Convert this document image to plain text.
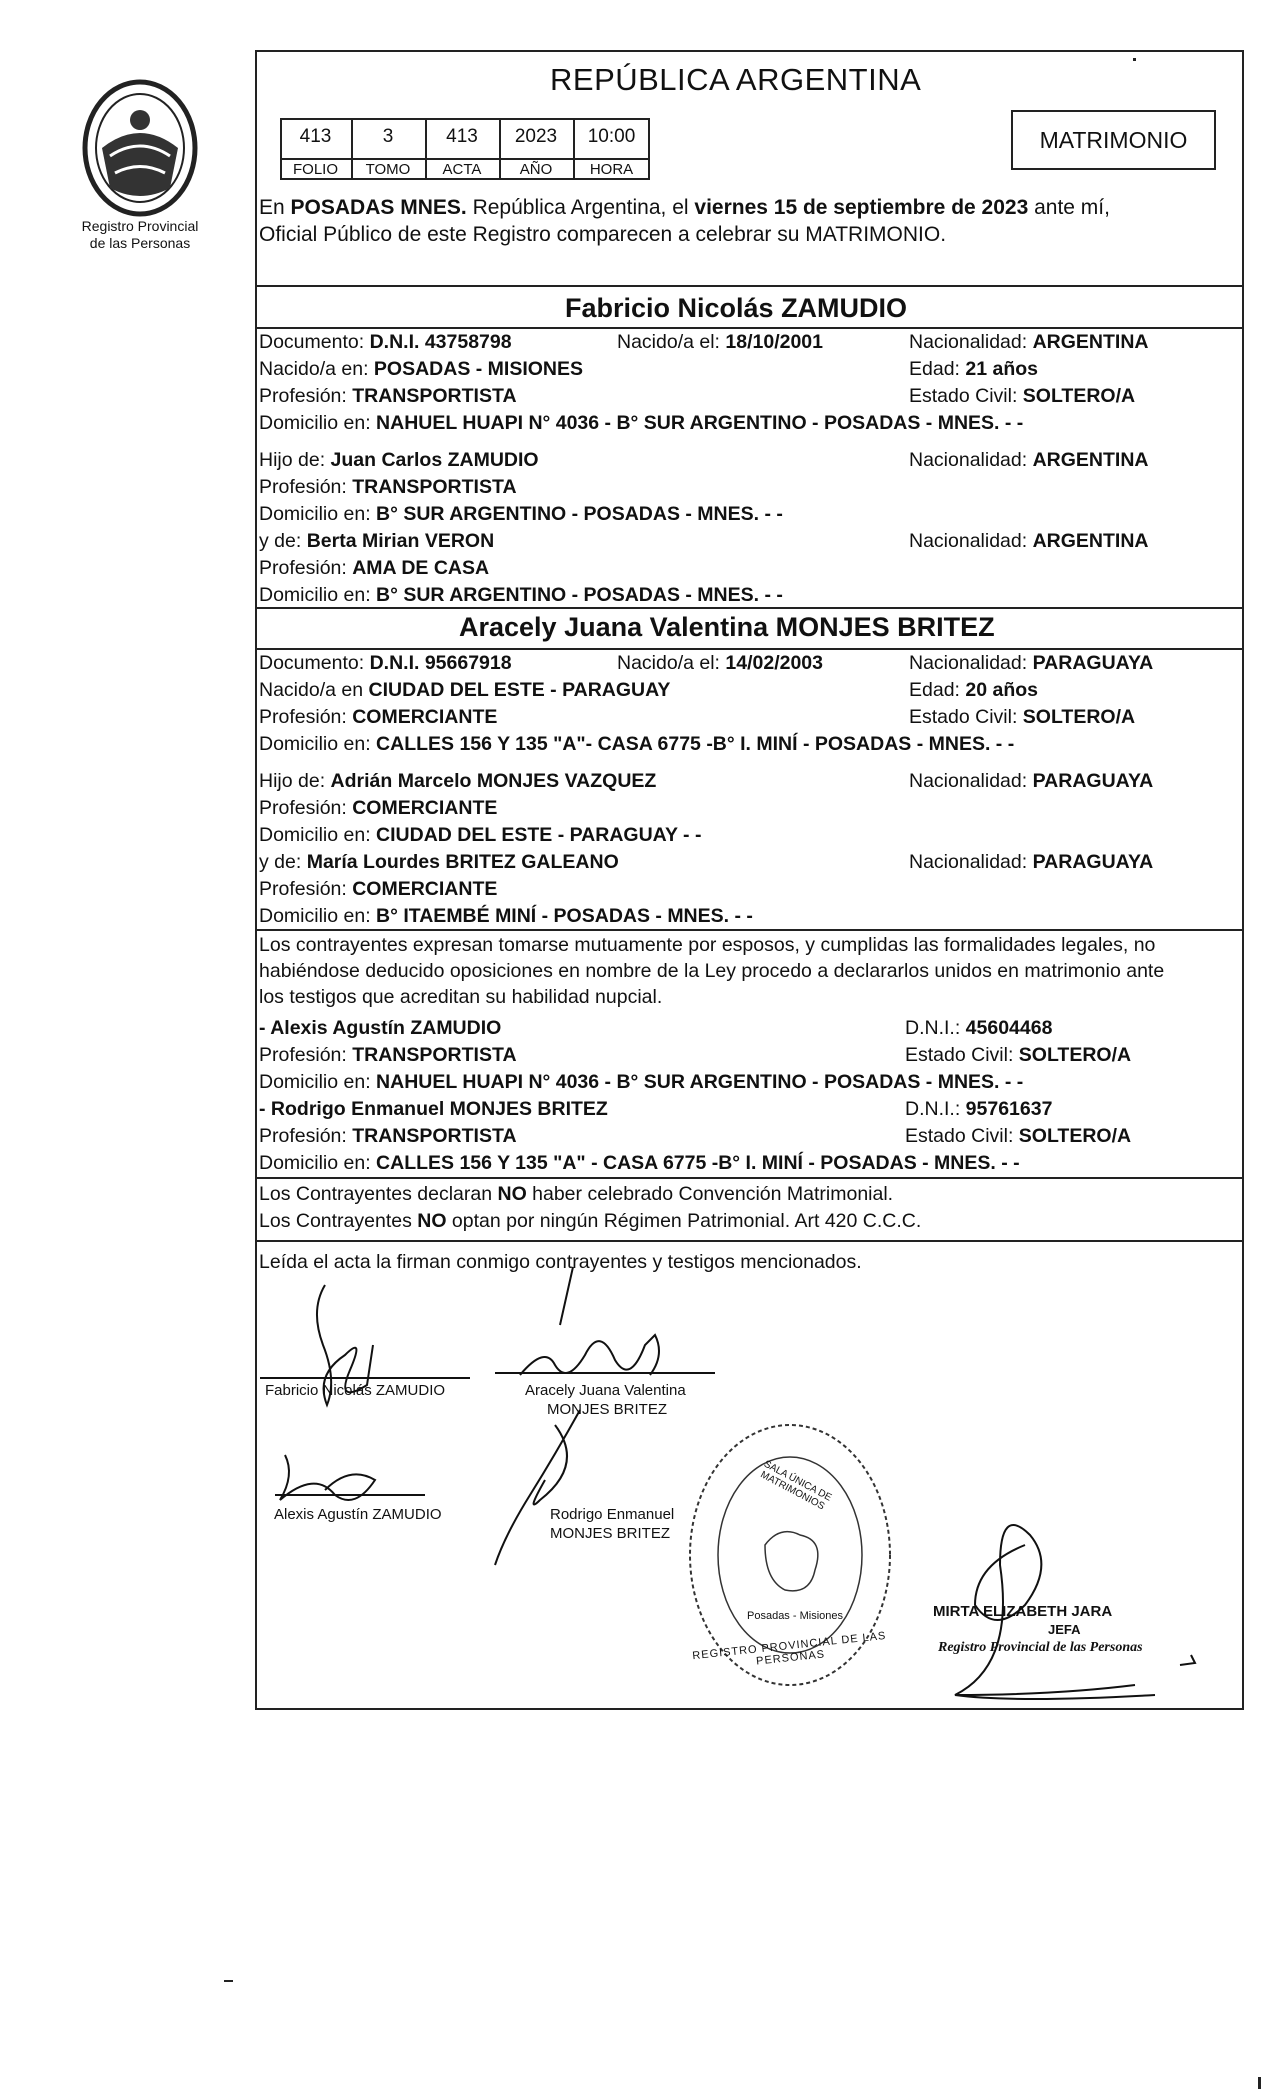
Registro Provincial
de las Personas
REPÚBLICA ARGENTINA
MATRIMONIO
413	3	413	2023	10:00
FOLIO	TOMO	ACTA	AÑO	HORA
En POSADAS MNES. República Argentina, el viernes 15 de septiembre de 2023 ante mí,
Oficial Público de este Registro comparecen a celebrar su MATRIMONIO.
Fabricio Nicolás ZAMUDIO
Documento: D.N.I. 43758798	Nacido/a el: 18/10/2001	Nacionalidad: ARGENTINA
Nacido/a en: POSADAS - MISIONES	Edad: 21 años
Profesión: TRANSPORTISTA	Estado Civil: SOLTERO/A
Domicilio en: NAHUEL HUAPI N° 4036 - B° SUR ARGENTINO - POSADAS - MNES. - -
Hijo de: Juan Carlos ZAMUDIO	Nacionalidad: ARGENTINA
Profesión: TRANSPORTISTA
Domicilio en: B° SUR ARGENTINO - POSADAS - MNES. - -
y de: Berta Mirian VERON	Nacionalidad: ARGENTINA
Profesión: AMA DE CASA
Domicilio en: B° SUR ARGENTINO - POSADAS - MNES. - -
Aracely Juana Valentina MONJES BRITEZ
Documento: D.N.I. 95667918	Nacido/a el: 14/02/2003	Nacionalidad: PARAGUAYA
Nacido/a en CIUDAD DEL ESTE - PARAGUAY	Edad: 20 años
Profesión: COMERCIANTE	Estado Civil: SOLTERO/A
Domicilio en: CALLES 156 Y 135 "A"- CASA 6775 -B° I. MINÍ - POSADAS - MNES. - -
Hijo de: Adrián Marcelo MONJES VAZQUEZ	Nacionalidad: PARAGUAYA
Profesión: COMERCIANTE
Domicilio en: CIUDAD DEL ESTE - PARAGUAY - -
y de: María Lourdes BRITEZ GALEANO	Nacionalidad: PARAGUAYA
Profesión: COMERCIANTE
Domicilio en: B° ITAEMBÉ MINÍ - POSADAS - MNES. - -
Los contrayentes expresan tomarse mutuamente por esposos, y cumplidas las formalidades legales, no
habiéndose deducido oposiciones en nombre de la Ley procedo a declararlos unidos en matrimonio ante
los testigos que acreditan su habilidad nupcial.
- Alexis Agustín ZAMUDIO	D.N.I.: 45604468
Profesión: TRANSPORTISTA	Estado Civil: SOLTERO/A
Domicilio en: NAHUEL HUAPI N° 4036 - B° SUR ARGENTINO - POSADAS - MNES. - -
- Rodrigo Enmanuel MONJES BRITEZ	D.N.I.: 95761637
Profesión: TRANSPORTISTA	Estado Civil: SOLTERO/A
Domicilio en: CALLES 156 Y 135 "A" - CASA 6775 -B° I. MINÍ - POSADAS - MNES. - -
Los Contrayentes declaran NO haber celebrado Convención Matrimonial.
Los Contrayentes NO optan por ningún Régimen Patrimonial. Art 420 C.C.C.
Leída el acta la firman conmigo contrayentes y testigos mencionados.
Fabricio Nicolás ZAMUDIO	Aracely Juana Valentina
MONJES BRITEZ
Alexis Agustín ZAMUDIO	Rodrigo Enmanuel
MONJES BRITEZ
REGISTRO PROVINCIAL DE LAS PERSONAS
SALA ÚNICA DE MATRIMONIOS
Posadas - Misiones	MIRTA ELIZABETH JARA
JEFA
Registro Provincial de las Personas
